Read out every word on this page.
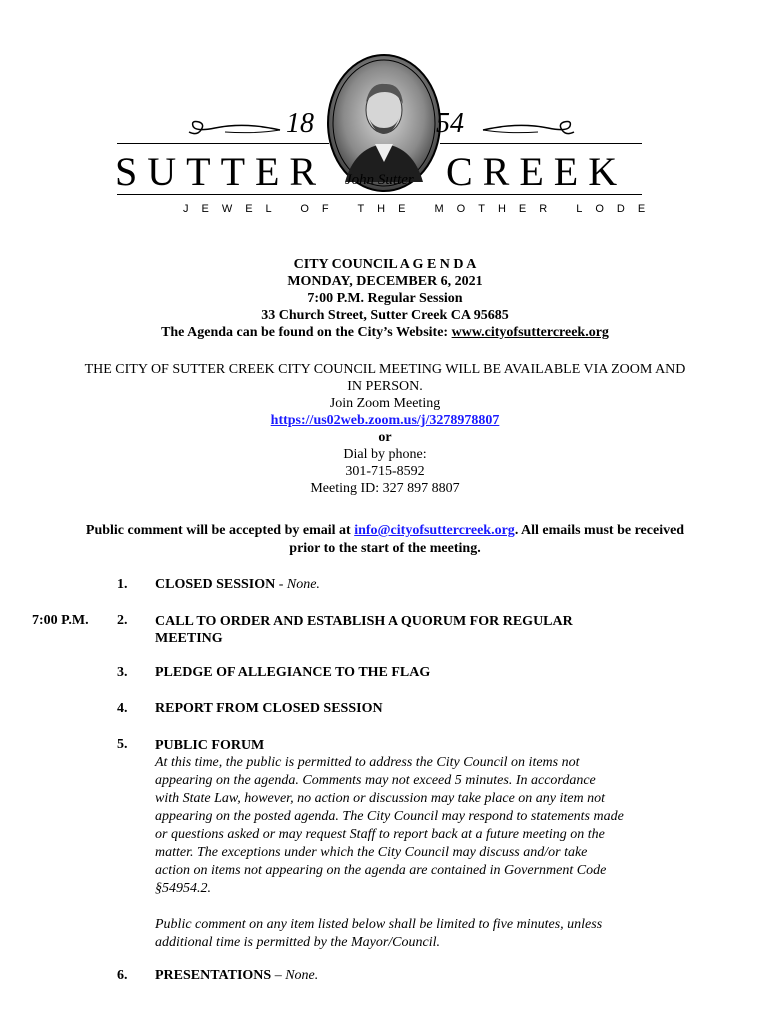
18	54
SUTTER	CREEK
John Sutter
JEWEL OF THE MOTHER LODE
CITY COUNCIL A G E N D A
MONDAY, DECEMBER 6, 2021
7:00 P.M. Regular Session
33 Church Street, Sutter Creek CA 95685
The Agenda can be found on the City’s Website: www.cityofsuttercreek.org
THE CITY OF SUTTER CREEK CITY COUNCIL MEETING WILL BE AVAILABLE VIA ZOOM AND
IN PERSON.
Join Zoom Meeting
https://us02web.zoom.us/j/3278978807
or
Dial by phone:
301-715-8592
Meeting ID: 327 897 8807
Public comment will be accepted by email at info@cityofsuttercreek.org. All emails must be received
prior to the start of the meeting.
1. CLOSED SESSION - None.
7:00 P.M. 2. CALL TO ORDER AND ESTABLISH A QUORUM FOR REGULAR
MEETING
3. PLEDGE OF ALLEGIANCE TO THE FLAG
4. REPORT FROM CLOSED SESSION
5. PUBLIC FORUM
At this time, the public is permitted to address the City Council on items not
appearing on the agenda. Comments may not exceed 5 minutes. In accordance
with State Law, however, no action or discussion may take place on any item not
appearing on the posted agenda. The City Council may respond to statements made
or questions asked or may request Staff to report back at a future meeting on the
matter. The exceptions under which the City Council may discuss and/or take
action on items not appearing on the agenda are contained in Government Code
§54954.2.
Public comment on any item listed below shall be limited to five minutes, unless
additional time is permitted by the Mayor/Council.
6. PRESENTATIONS – None.
